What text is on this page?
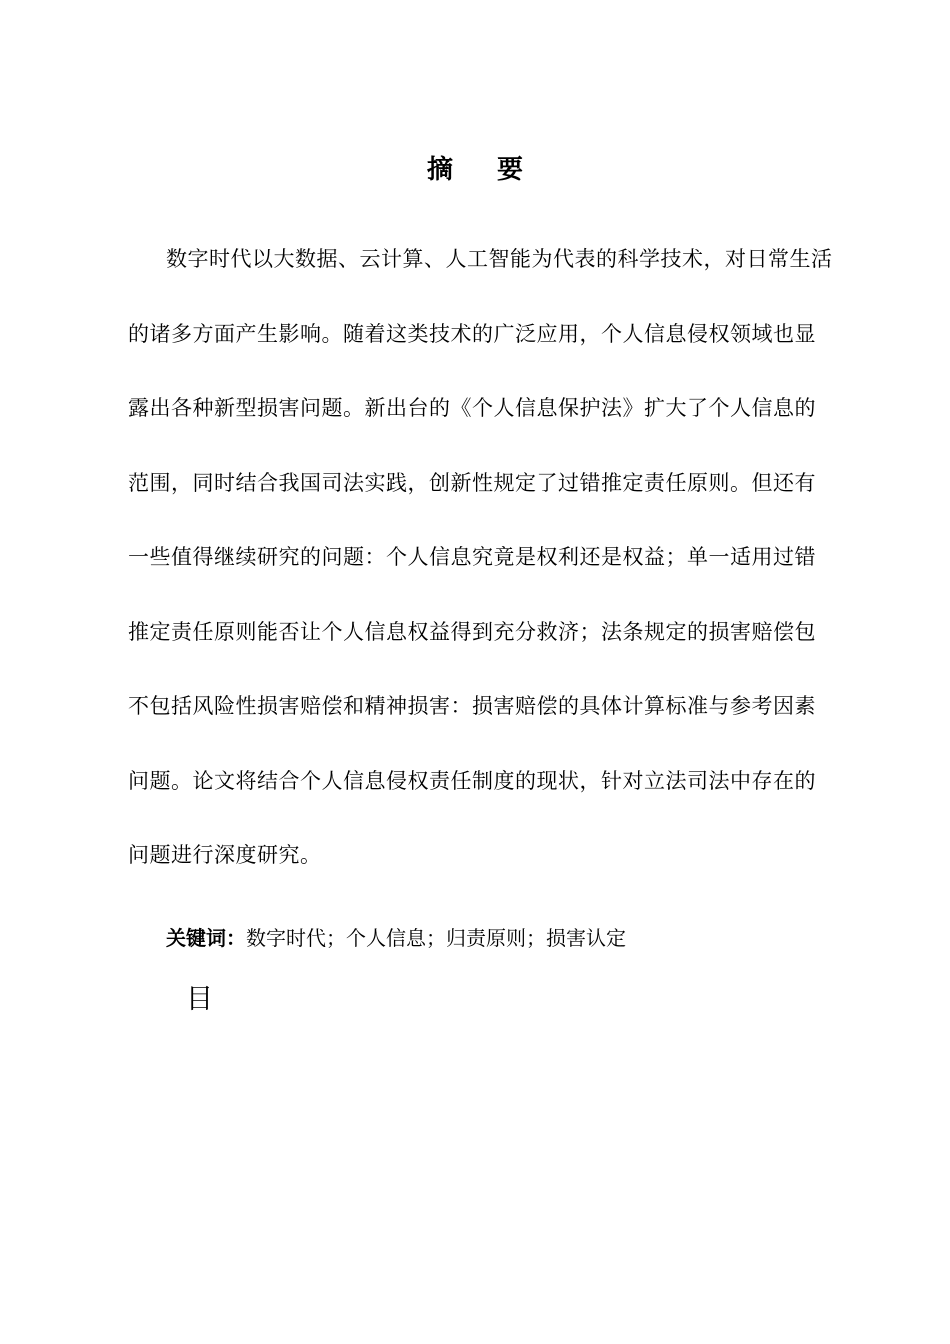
摘 要
数字时代以大数据、云计算、人工智能为代表的科学技术，对日常生活
的诸多方面产生影响。随着这类技术的广泛应用，个人信息侵权领域也显
露出各种新型损害问题。新出台的《个人信息保护法》扩大了个人信息的
范围，同时结合我国司法实践，创新性规定了过错推定责任原则。但还有
一些值得继续研究的问题：个人信息究竟是权利还是权益；单一适用过错
推定责任原则能否让个人信息权益得到充分救济；法条规定的损害赔偿包
不包括风险性损害赔偿和精神损害：损害赔偿的具体计算标准与参考因素
问题。论文将结合个人信息侵权责任制度的现状，针对立法司法中存在的
问题进行深度研究。
关键词：数字时代；个人信息；归责原则；损害认定
目
